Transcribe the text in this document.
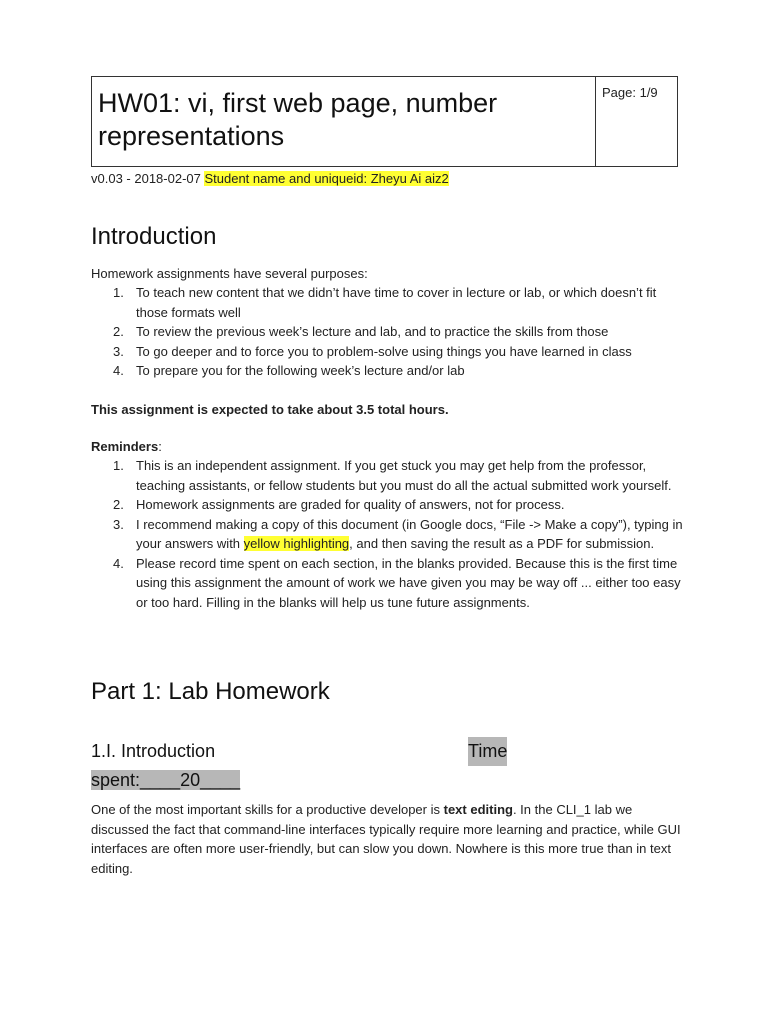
HW01: vi, first web page, number representations
Page: 1/9
v0.03 - 2018-02-07 Student name and uniqueid: Zheyu Ai aiz2
Introduction

Homework assignments have several purposes:

1. To teach new content that we didn’t have time to cover in lecture or lab, or which doesn’t fit those formats well
2. To review the previous week’s lecture and lab, and to practice the skills from those
3. To go deeper and to force you to problem-solve using things you have learned in class
4. To prepare you for the following week’s lecture and/or lab

This assignment is expected to take about 3.5 total hours.

Reminders:

1. This is an independent assignment. If you get stuck you may get help from the professor, teaching assistants, or fellow students but you must do all the actual submitted work yourself.
2. Homework assignments are graded for quality of answers, not for process.
3. I recommend making a copy of this document (in Google docs, “File -> Make a copy”), typing in your answers with yellow highlighting, and then saving the result as a PDF for submission.
4. Please record time spent on each section, in the blanks provided. Because this is the first time using this assignment the amount of work we have given you may be way off ... either too easy or too hard. Filling in the blanks will help us tune future assignments.
Part 1: Lab Homework
1.I. Introduction	Time

spent:____20____

One of the most important skills for a productive developer is text editing. In the CLI_1 lab we discussed the fact that command-line interfaces typically require more learning and practice, while GUI interfaces are often more user-friendly, but can slow you down. Nowhere is this more true than in text editing.
